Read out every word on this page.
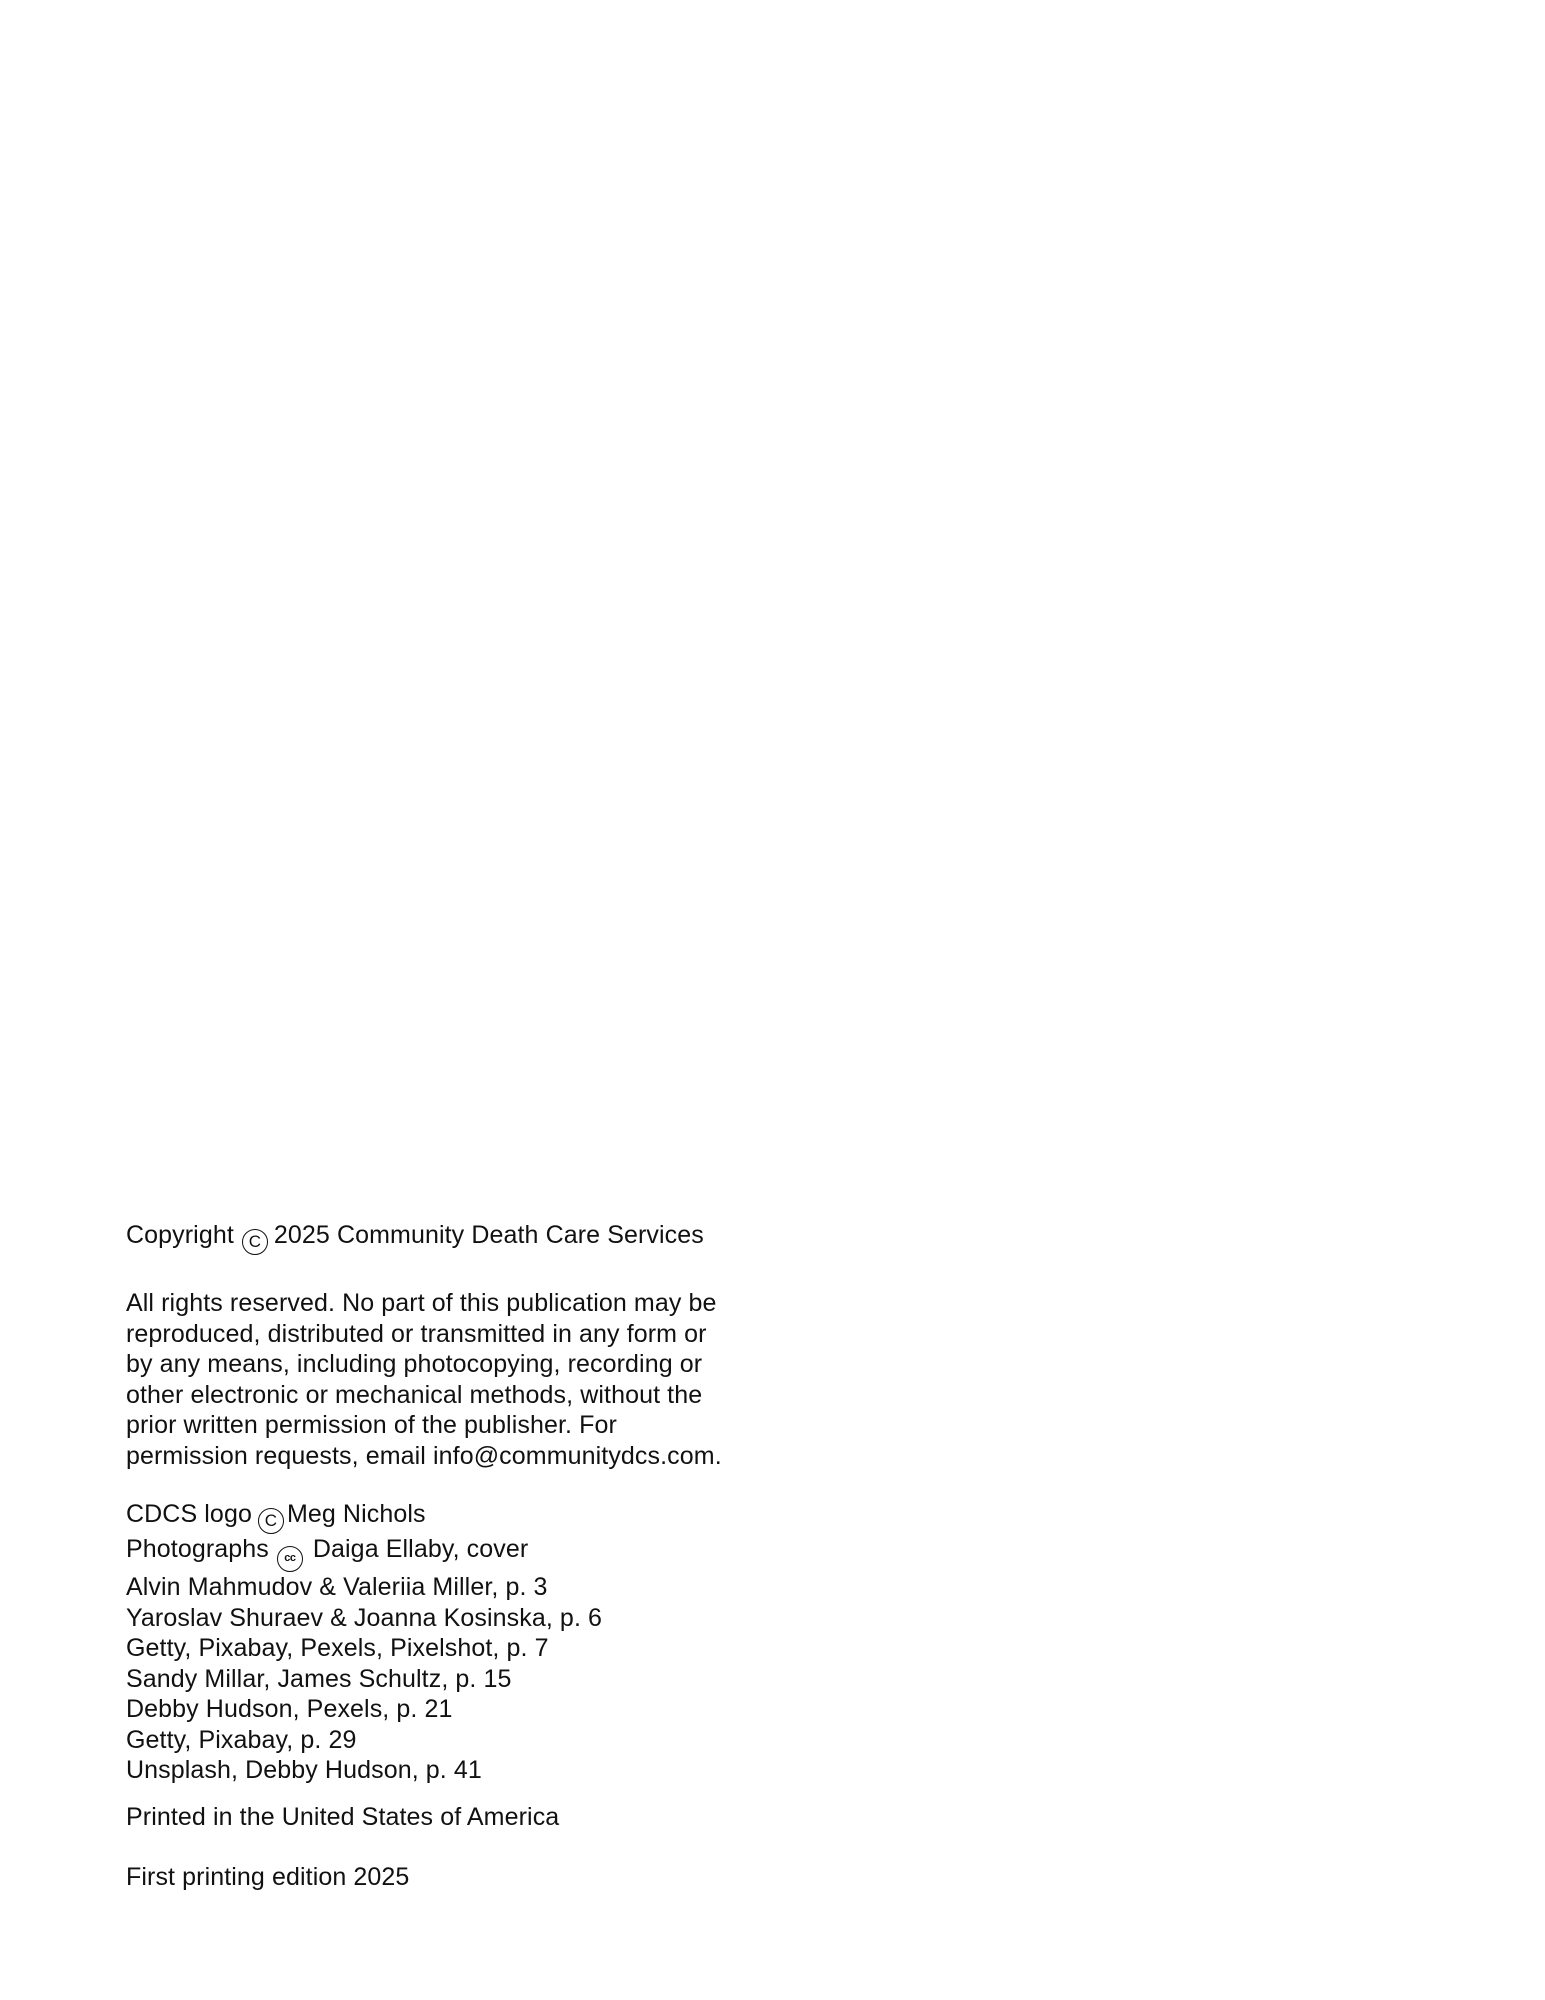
Copyright C 2025 Community Death Care Services
All rights reserved. No part of this publication may be
reproduced, distributed or transmitted in any form or
by any means, including photocopying, recording or
other electronic or mechanical methods, without the
prior written permission of the publisher. For
permission requests, email info@communitydcs.com.
CDCS logo C Meg Nichols
Photographs cc Daiga Ellaby, cover
Alvin Mahmudov & Valeriia Miller, p. 3
Yaroslav Shuraev & Joanna Kosinska, p. 6
Getty, Pixabay, Pexels, Pixelshot, p. 7
Sandy Millar, James Schultz, p. 15
Debby Hudson, Pexels, p. 21
Getty, Pixabay, p. 29
Unsplash, Debby Hudson, p. 41
Printed in the United States of America
First printing edition 2025
